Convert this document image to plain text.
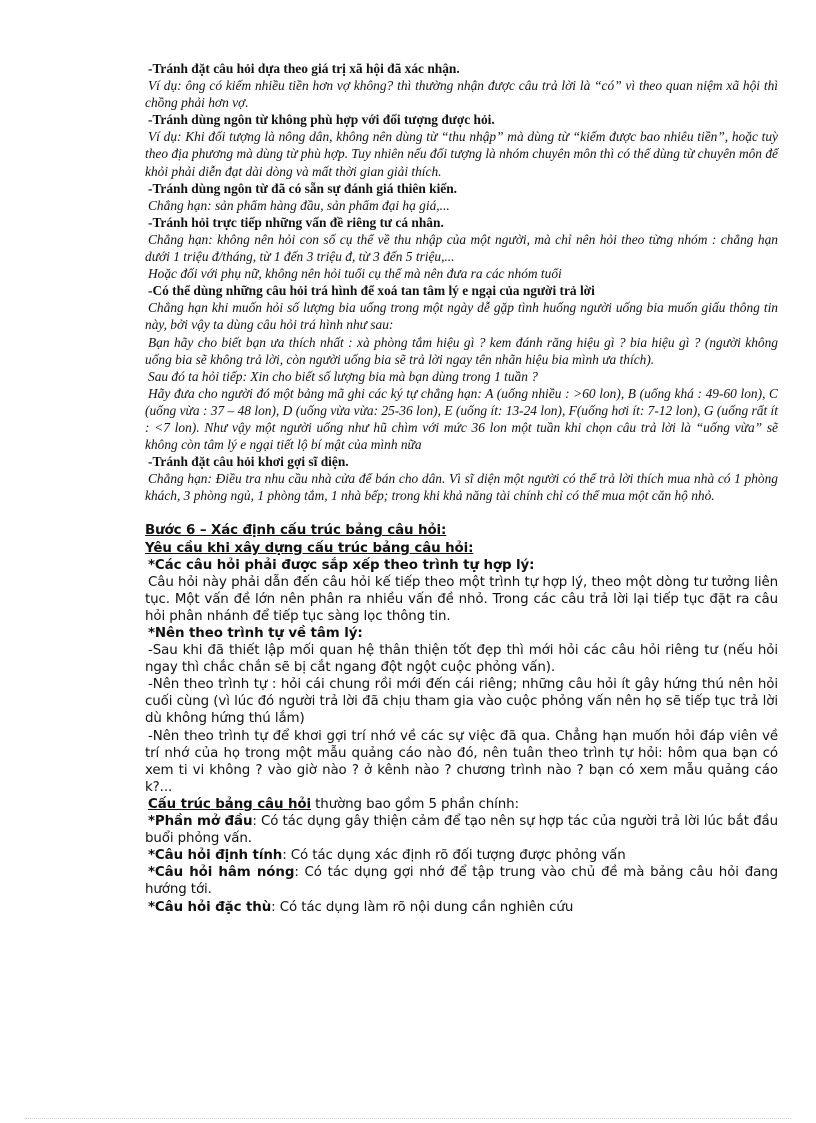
-Tránh đặt câu hỏi dựa theo giá trị xã hội đã xác nhận.

Ví dụ: ông có kiếm nhiều tiền hơn vợ không? thì thường nhận được câu trả lời là “có” vì theo quan niệm xã hội thì chồng phải hơn vợ.

-Tránh dùng ngôn từ không phù hợp với đối tượng được hỏi.

Ví dụ: Khi đối tượng là nông dân, không nên dùng từ “thu nhập” mà dùng từ “kiếm được bao nhiêu tiền”, hoặc tuỳ theo địa phương mà dùng từ phù hợp. Tuy nhiên nếu đối tượng là nhóm chuyên môn thì có thể dùng từ chuyên môn để khỏi phải diễn đạt dài dòng và mất thời gian giải thích.

-Tránh dùng ngôn từ đã có sẵn sự đánh giá thiên kiến.

Chẳng hạn: sản phẩm hàng đầu, sản phẩm đại hạ giá,...

-Tránh hỏi trực tiếp những vấn đề riêng tư cá nhân.

Chẳng hạn: không nên hỏi con số cụ thể về thu nhập của một người, mà chỉ nên hỏi theo từng nhóm : chẳng hạn dưới 1 triệu đ/tháng, từ 1 đến 3 triệu đ, từ 3 đến 5 triệu,...

Hoặc đối với phụ nữ, không nên hỏi tuổi cụ thể mà nên đưa ra các nhóm tuổi

-Có thể dùng những câu hỏi trá hình để xoá tan tâm lý e ngại của người trả lời

Chẳng hạn khi muốn hỏi số lượng bia uống trong một ngày dễ gặp tình huống người uống bia muốn giấu thông tin này, bởi vậy ta dùng câu hỏi trá hình như sau:

Bạn hãy cho biết bạn ưa thích nhất : xà phòng tắm hiệu gì ? kem đánh răng hiệu gì ? bia hiệu gì ? (người không uống bia sẽ không trả lời, còn người uống bia sẽ trả lời ngay tên nhãn hiệu bia mình ưa thích).

Sau đó ta hỏi tiếp: Xin cho biết số lượng bia mà bạn dùng trong 1 tuần ?

Hãy đưa cho người đó một bảng mã ghi các ký tự chẳng hạn: A (uống nhiều : >60 lon), B (uống khá : 49-60 lon), C (uống vừa : 37 – 48 lon), D (uống vừa vừa: 25-36 lon), E (uống ít: 13-24 lon), F(uống hơi ít: 7-12 lon), G (uống rất ít : <7 lon). Như vậy một người uống như hũ chìm với mức 36 lon một tuần khi chọn câu trả lời là “uống vừa” sẽ không còn tâm lý e ngại tiết lộ bí mật của mình nữa

-Tránh đặt câu hỏi khơi gợi sĩ diện.

Chẳng hạn: Điều tra nhu cầu nhà cửa để bán cho dân. Vì sĩ diện một người có thể trả lời thích mua nhà có 1 phòng khách, 3 phòng ngủ, 1 phòng tắm, 1 nhà bếp; trong khi khả năng tài chính chỉ có thể mua một căn hộ nhỏ.

Bước 6 – Xác định cấu trúc bảng câu hỏi:

Yêu cầu khi xây dựng cấu trúc bảng câu hỏi:

*Các câu hỏi phải được sắp xếp theo trình tự hợp lý:

Câu hỏi này phải dẫn đến câu hỏi kế tiếp theo một trình tự hợp lý, theo một dòng tư tưởng liên tục. Một vấn đề lớn nên phân ra nhiều vấn đề nhỏ. Trong các câu trả lời lại tiếp tục đặt ra câu hỏi phân nhánh để tiếp tục sàng lọc thông tin.

*Nên theo trình tự về tâm lý:

-Sau khi đã thiết lập mối quan hệ thân thiện tốt đẹp thì mới hỏi các câu hỏi riêng tư (nếu hỏi ngay thì chắc chắn sẽ bị cắt ngang đột ngột cuộc phỏng vấn).

-Nên theo trình tự : hỏi cái chung rồi mới đến cái riêng; những câu hỏi ít gây hứng thú nên hỏi cuối cùng (vì lúc đó người trả lời đã chịu tham gia vào cuộc phỏng vấn nên họ sẽ tiếp tục trả lời dù không hứng thú lắm)

-Nên theo trình tự để khơi gợi trí nhớ về các sự việc đã qua. Chẳng hạn muốn hỏi đáp viên về trí nhớ của họ trong một mẫu quảng cáo nào đó, nên tuân theo trình tự hỏi: hôm qua bạn có xem ti vi không ? vào giờ nào ? ở kênh nào ? chương trình nào ? bạn có xem mẫu quảng cáo k?...

Cấu trúc bảng câu hỏi thường bao gồm 5 phần chính:

*Phần mở đầu: Có tác dụng gây thiện cảm để tạo nên sự hợp tác của người trả lời lúc bắt đầu buổi phỏng vấn.

*Câu hỏi định tính: Có tác dụng xác định rõ đối tượng được phỏng vấn

*Câu hỏi hâm nóng: Có tác dụng gợi nhớ để tập trung vào chủ đề mà bảng câu hỏi đang hướng tới.

*Câu hỏi đặc thù: Có tác dụng làm rõ nội dung cần nghiên cứu
